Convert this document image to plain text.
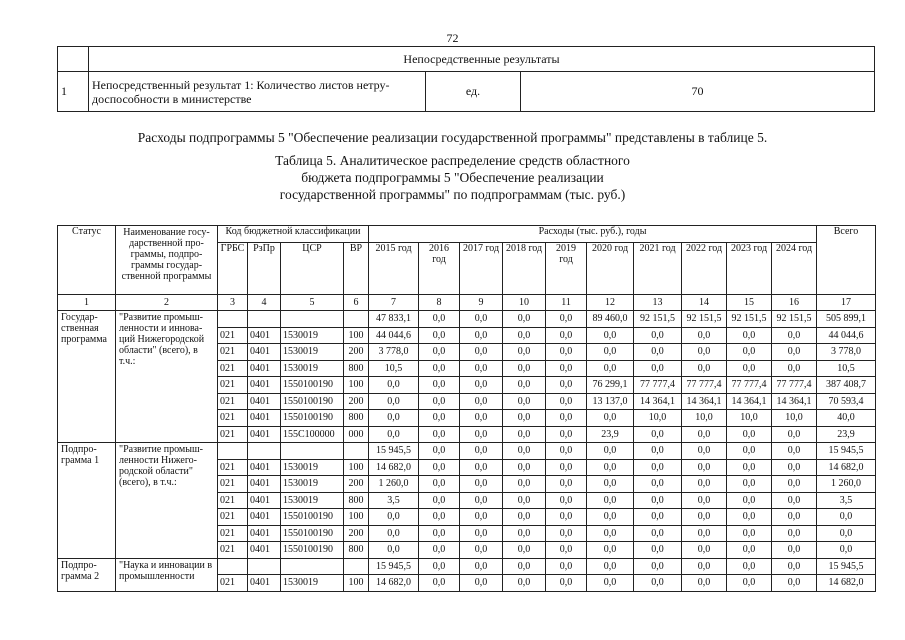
72
	Непосредственные результаты		
1	Непосредственный результат 1: Количество листов нетру-
доспособности в министерстве	ед.	70
Расходы подпрограммы 5 "Обеспечение реализации государственной программы" представлены в таблице 5.
Таблица 5. Аналитическое распределение средств областного
бюджета подпрограммы 5 "Обеспечение реализации
государственной программы" по подпрограммам (тыс. руб.)
Статус	Наименование госу-дарственной про-граммы, подпро-граммы государ-ственной программы	Код бюджетной классификации				Расходы (тыс. руб.), годы										Всего
		ГРБС	РзПр	ЦСР	ВР	2015 год	2016 год	2017 год	2018 год	2019 год	2020 год	2021 год	2022 год	2023 год	2024 год	
1	2	3	4	5	6	7	8	9	10	11	12	13	14	15	16	17
Государ-ственная программа	"Развитие промыш-ленности и иннова-ций Нижегородской области" (всего), в т.ч.:					47 833,1	0,0	0,0	0,0	0,0	89 460,0	92 151,5	92 151,5	92 151,5	92 151,5	505 899,1
		021	0401	1530019	100	44 044,6	0,0	0,0	0,0	0,0	0,0	0,0	0,0	0,0	0,0	44 044,6
		021	0401	1530019	200	3 778,0	0,0	0,0	0,0	0,0	0,0	0,0	0,0	0,0	0,0	3 778,0
		021	0401	1530019	800	10,5	0,0	0,0	0,0	0,0	0,0	0,0	0,0	0,0	0,0	10,5
		021	0401	1550100190	100	0,0	0,0	0,0	0,0	0,0	76 299,1	77 777,4	77 777,4	77 777,4	77 777,4	387 408,7
		021	0401	1550100190	200	0,0	0,0	0,0	0,0	0,0	13 137,0	14 364,1	14 364,1	14 364,1	14 364,1	70 593,4
		021	0401	1550100190	800	0,0	0,0	0,0	0,0	0,0	0,0	10,0	10,0	10,0	10,0	40,0
		021	0401	155C100000	000	0,0	0,0	0,0	0,0	0,0	23,9	0,0	0,0	0,0	0,0	23,9
Подпро-грамма 1	"Развитие промыш-ленности Нижего-родской области" (всего), в т.ч.:					15 945,5	0,0	0,0	0,0	0,0	0,0	0,0	0,0	0,0	0,0	15 945,5
		021	0401	1530019	100	14 682,0	0,0	0,0	0,0	0,0	0,0	0,0	0,0	0,0	0,0	14 682,0
		021	0401	1530019	200	1 260,0	0,0	0,0	0,0	0,0	0,0	0,0	0,0	0,0	0,0	1 260,0
		021	0401	1530019	800	3,5	0,0	0,0	0,0	0,0	0,0	0,0	0,0	0,0	0,0	3,5
		021	0401	1550100190	100	0,0	0,0	0,0	0,0	0,0	0,0	0,0	0,0	0,0	0,0	0,0
		021	0401	1550100190	200	0,0	0,0	0,0	0,0	0,0	0,0	0,0	0,0	0,0	0,0	0,0
		021	0401	1550100190	800	0,0	0,0	0,0	0,0	0,0	0,0	0,0	0,0	0,0	0,0	0,0
Подпро-грамма 2	"Наука и инновации в промышленности					15 945,5	0,0	0,0	0,0	0,0	0,0	0,0	0,0	0,0	0,0	15 945,5
		021	0401	1530019	100	14 682,0	0,0	0,0	0,0	0,0	0,0	0,0	0,0	0,0	0,0	14 682,0
